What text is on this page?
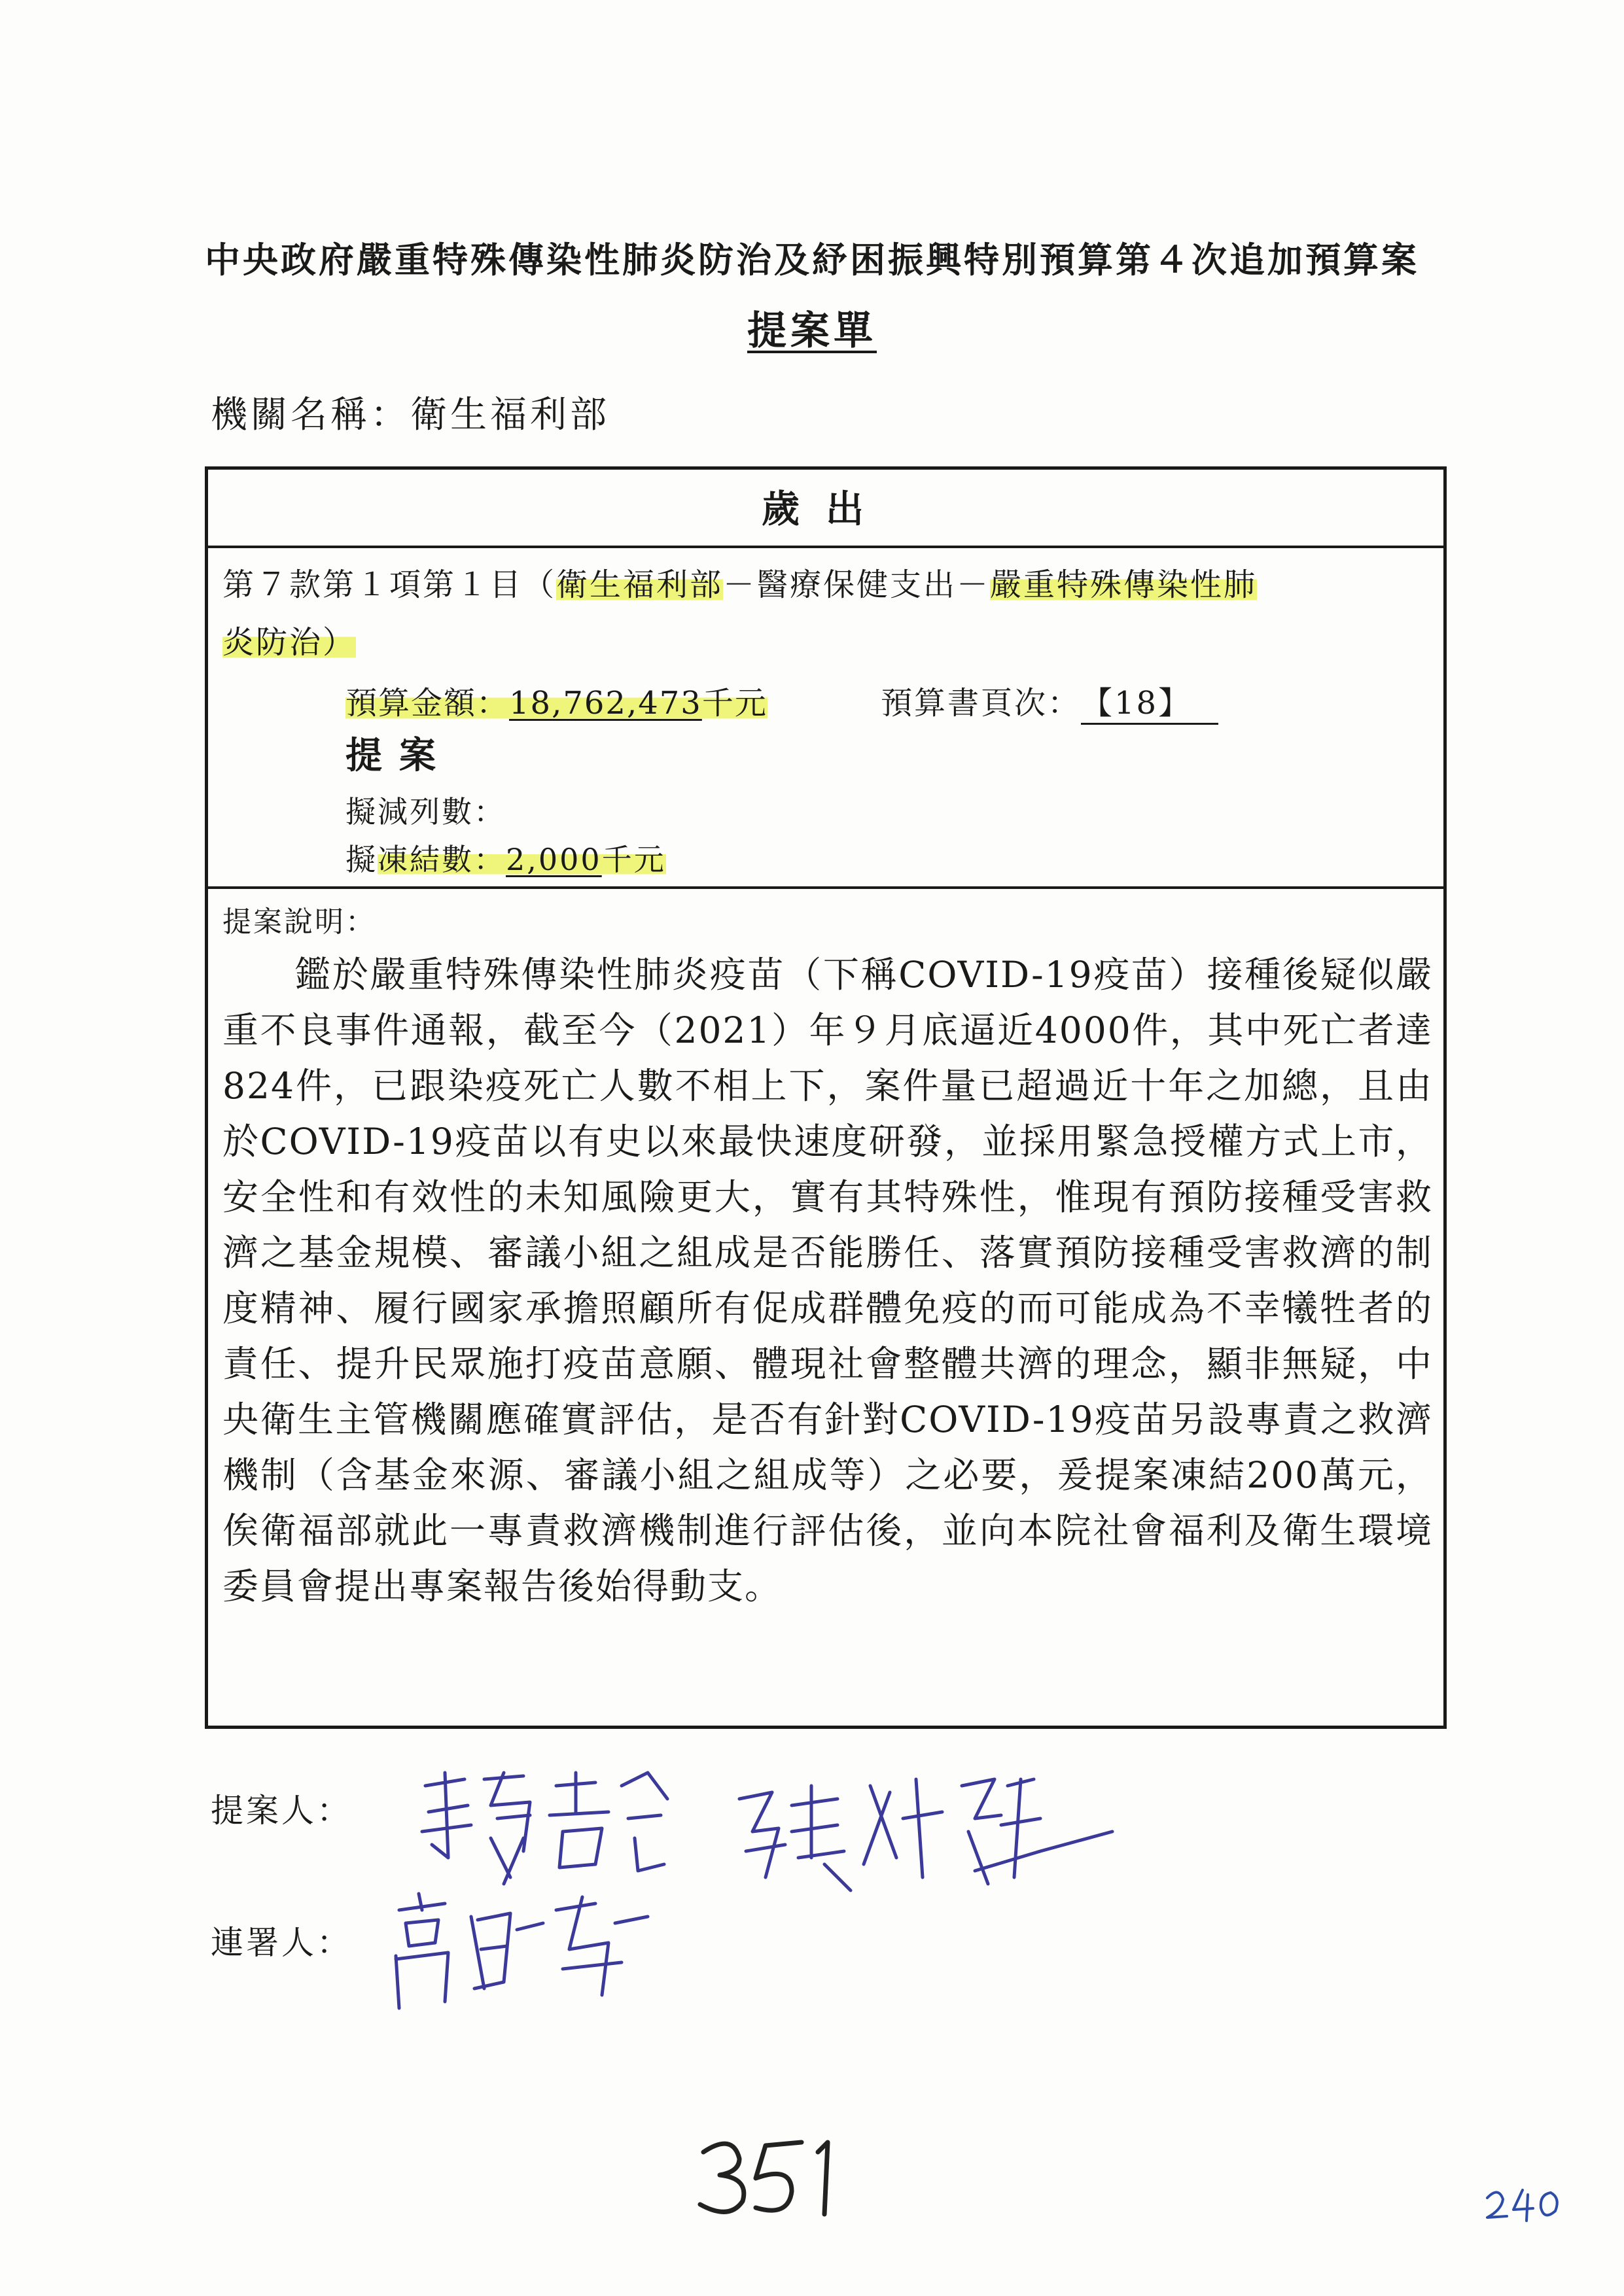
中央政府嚴重特殊傳染性肺炎防治及紓困振興特別預算第４次追加預算案
提案單
機關名稱：衛生福利部
歲出
第７款第１項第１目（衛生福利部－醫療保健支出－嚴重特殊傳染性肺
炎防治）
預算金額：18,762,473千元	預算書頁次：【18】
提案
擬減列數：
擬凍結數：2,000千元
提案說明：
鑑於嚴重特殊傳染性肺炎疫苗（下稱COVID-19疫苗）接種後疑似嚴重不良事件通報，截至今（2021）年９月底逼近4000件，其中死亡者達824件，已跟染疫死亡人數不相上下，案件量已超過近十年之加總，且由於COVID-19疫苗以有史以來最快速度研發，並採用緊急授權方式上市，安全性和有效性的未知風險更大，實有其特殊性，惟現有預防接種受害救濟之基金規模、審議小組之組成是否能勝任、落實預防接種受害救濟的制度精神、履行國家承擔照顧所有促成群體免疫的而可能成為不幸犧牲者的責任、提升民眾施打疫苗意願、體現社會整體共濟的理念，顯非無疑，中央衛生主管機關應確實評估，是否有針對COVID-19疫苗另設專責之救濟機制（含基金來源、審議小組之組成等）之必要，爰提案凍結200萬元，俟衛福部就此一專責救濟機制進行評估後，並向本院社會福利及衛生環境委員會提出專案報告後始得動支。
提案人：
連署人：
